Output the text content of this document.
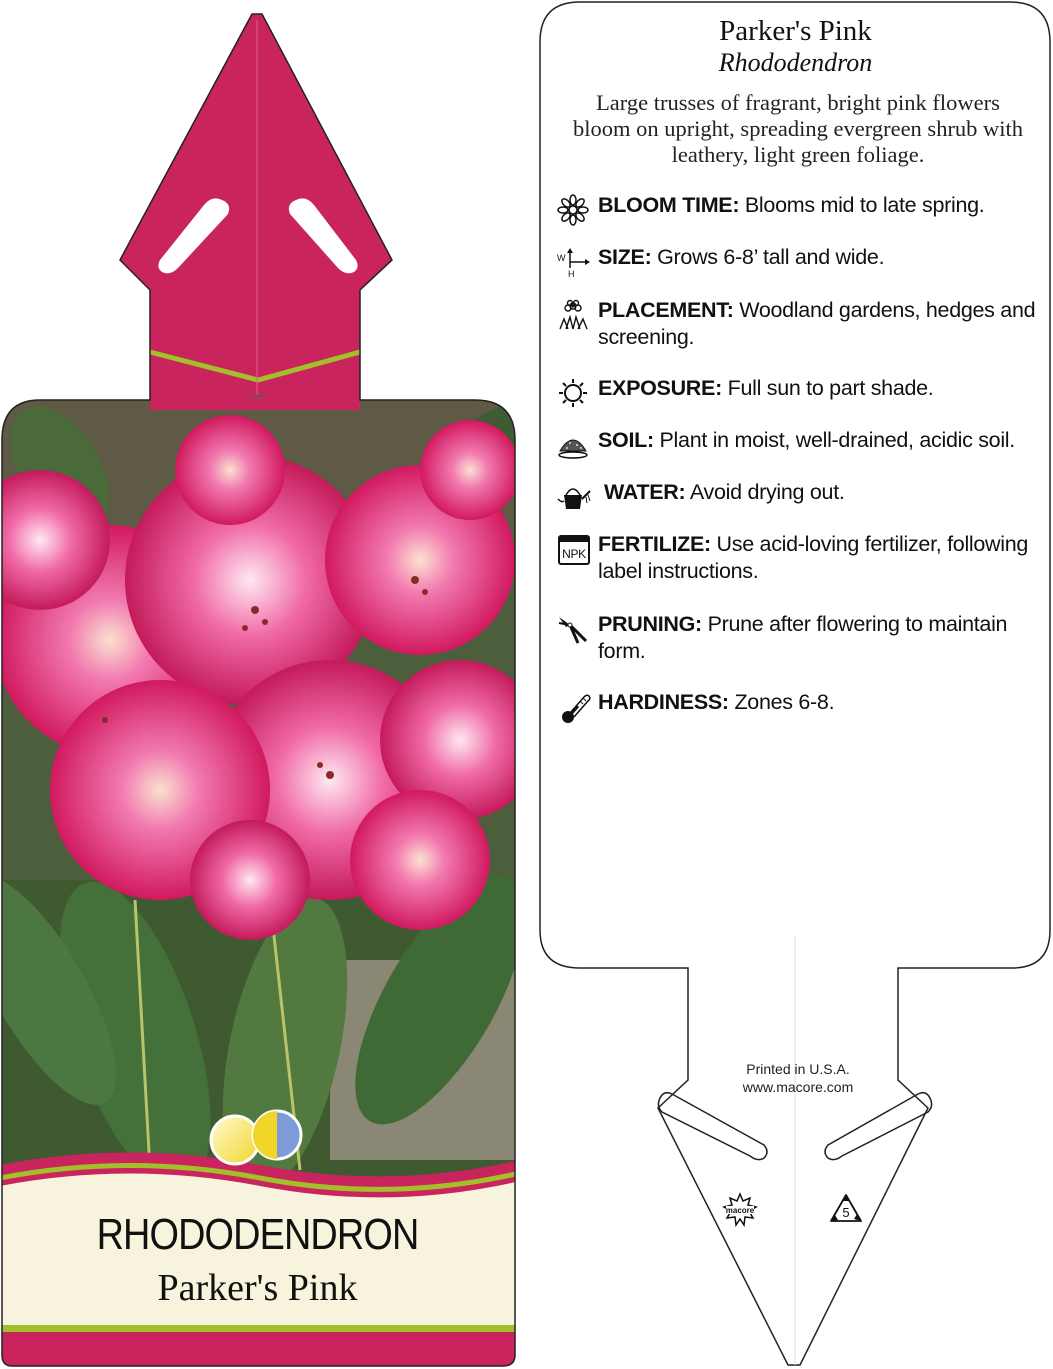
RHODODENDRON
Parker's Pink
Parker's Pink
Rhododendron
Large trusses of fragrant, bright pink flowers bloom on upright, spreading evergreen shrub with leathery, light green foliage.
BLOOM TIME: Blooms mid to late spring.
W
H
SIZE: Grows 6-8’ tall and wide.
PLACEMENT: Woodland gardens, hedges and screening.
EXPOSURE: Full sun to part shade.
SOIL: Plant in moist, well-drained, acidic soil.
WATER: Avoid drying out.
NPK FERTILIZE: Use acid-loving fertilizer, following label instructions.
PRUNING: Prune after flowering to maintain form.
HARDINESS: Zones 6-8.
Printed in U.S.A.
www.macore.com
macore	5
